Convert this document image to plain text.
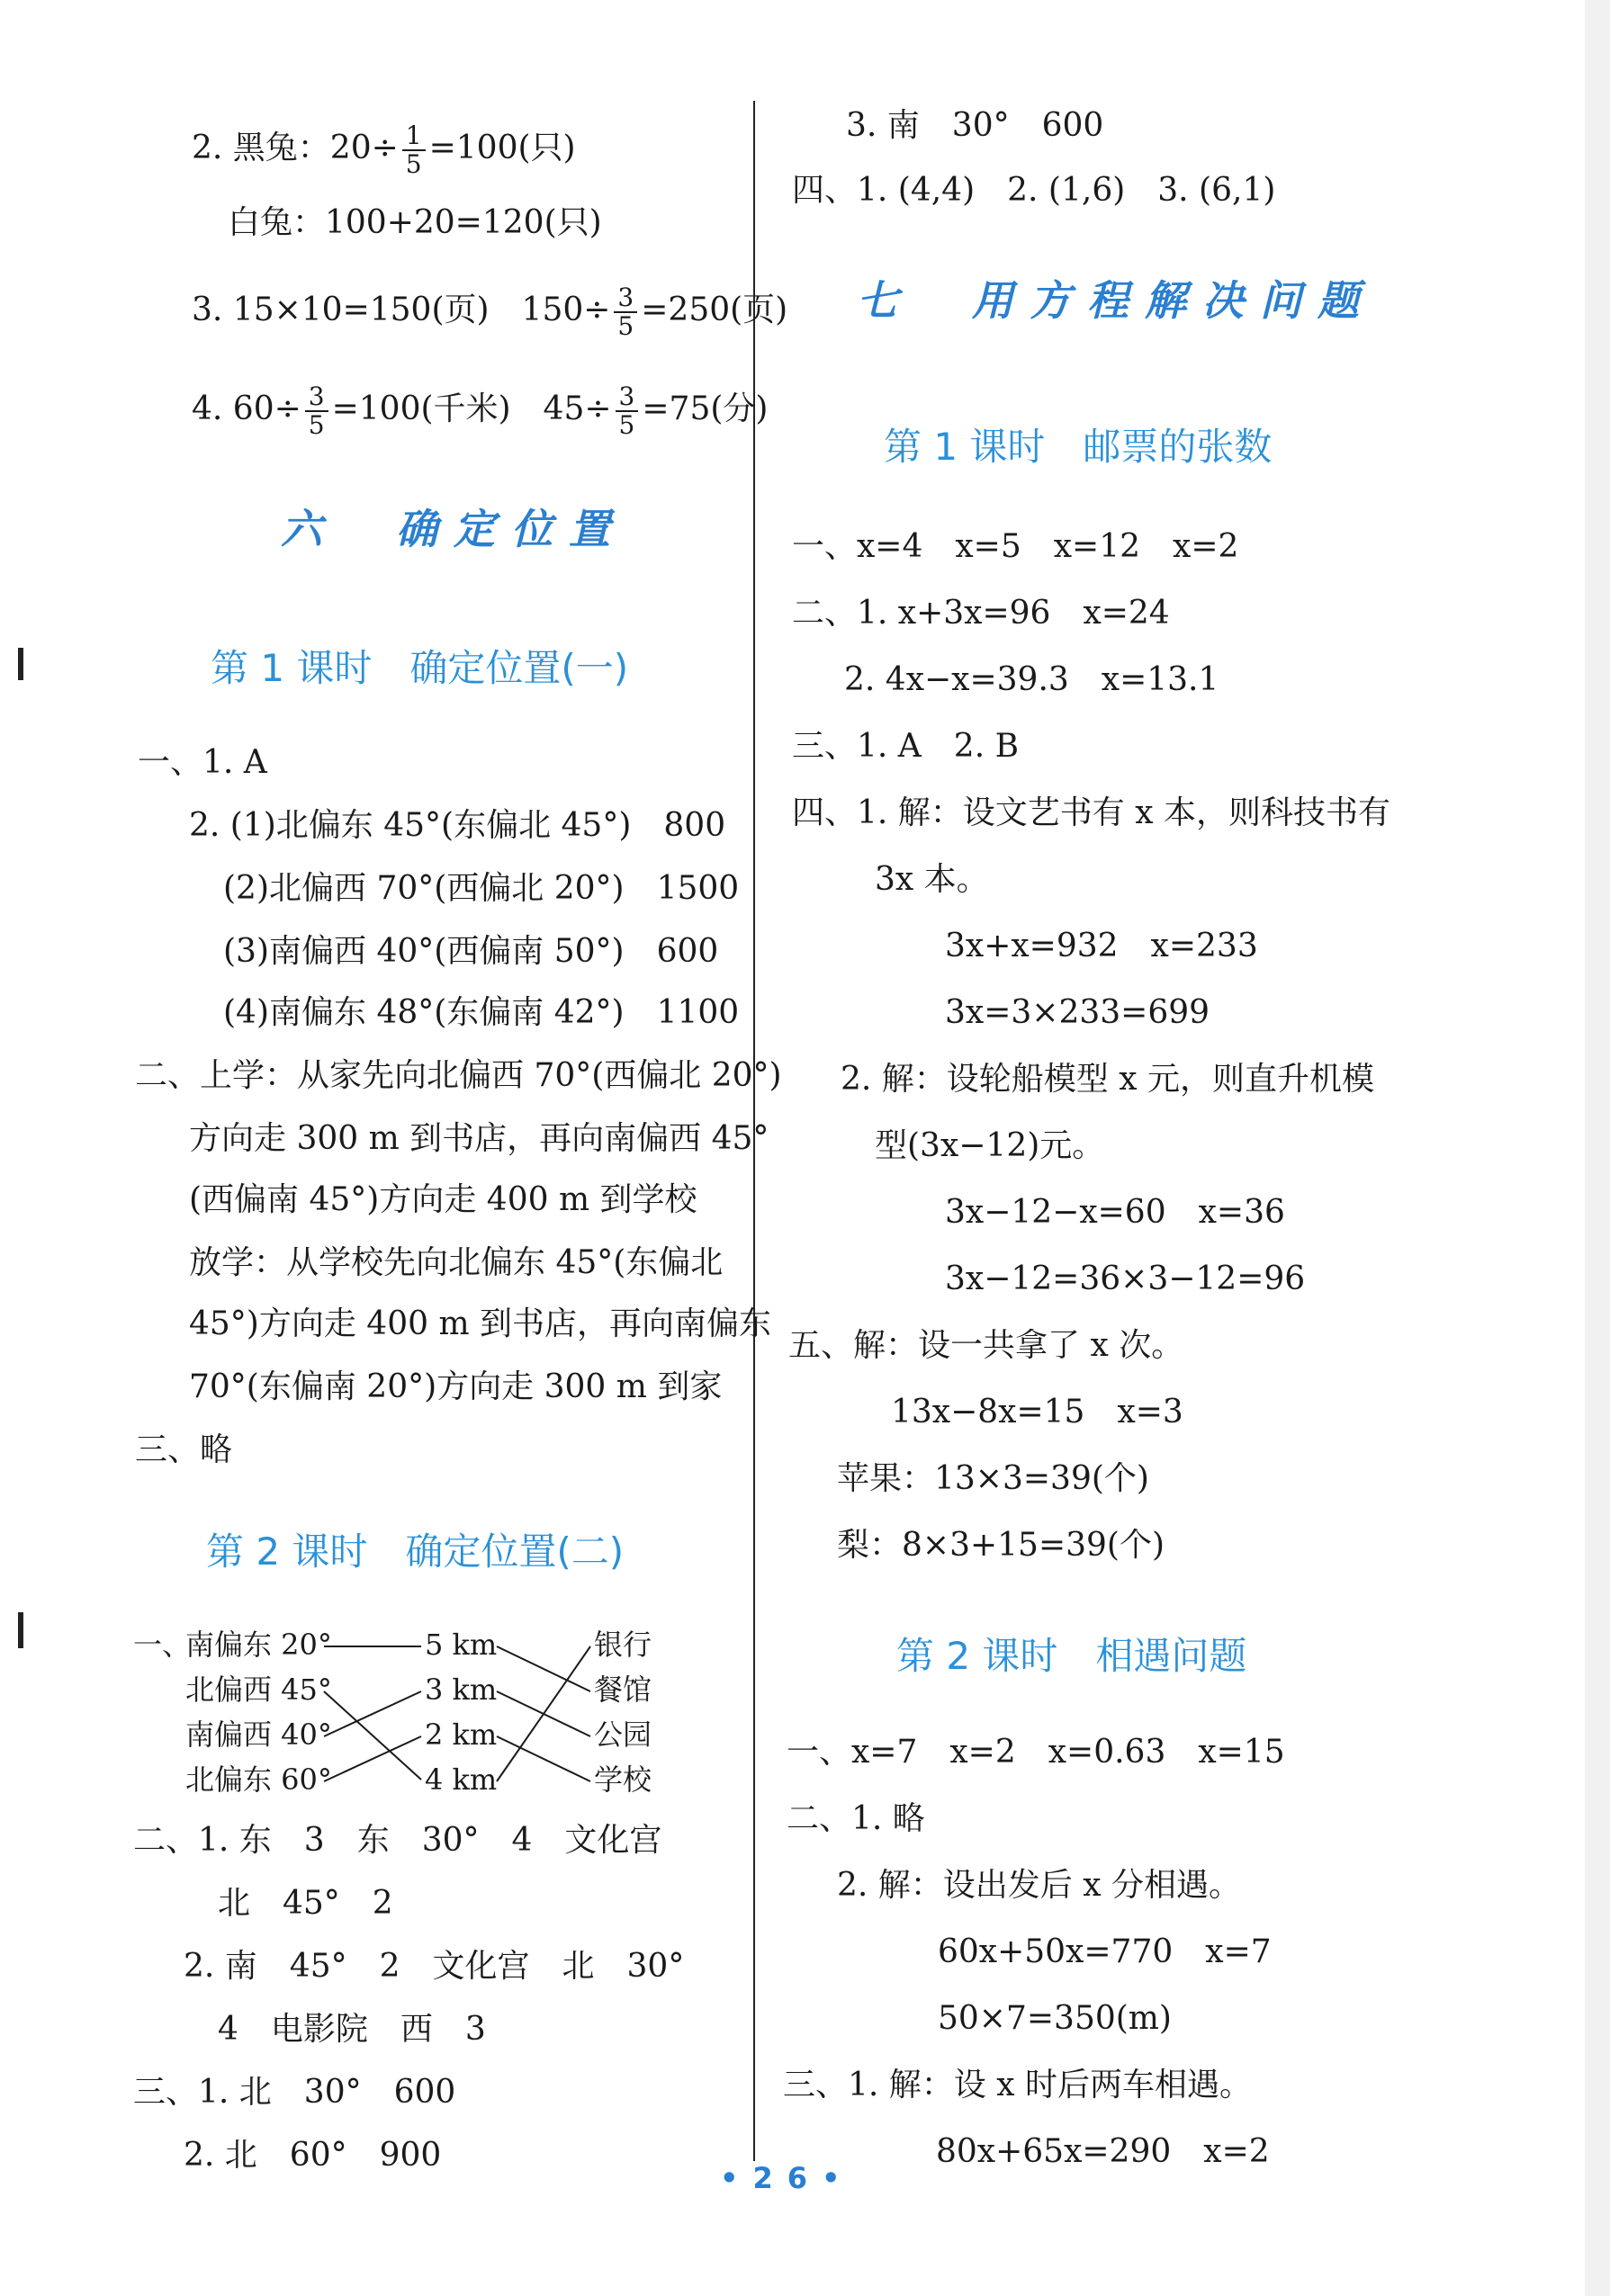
2. 黑兔：$20\div \frac{1}{5} =100$(只)
白兔：100+20=120(只)
3. 15×10=150(页)　$150\div \frac{3}{5} =250$(页)
4. $60\div \frac{3}{5} =100$(千米)　$45\div \frac{3}{5} =75$(分)
六　确定位置
第 1 课时　确定位置(一)
一、1. A
2. (1)北偏东 45°(东偏北 45°)　800
(2)北偏西 70°(西偏北 20°)　1500
(3)南偏西 40°(西偏南 50°)　600
(4)南偏东 48°(东偏南 42°)　1100
二、上学：从家先向北偏西 70°(西偏北 20°)
方向走 300 m 到书店，再向南偏西 45°
(西偏南 45°)方向走 400 m 到学校
放学：从学校先向北偏东 45°(东偏北
45°)方向走 400 m 到书店，再向南偏东
70°(东偏南 20°)方向走 300 m 到家
三、略
第 2 课时　确定位置(二)
一、
南偏东 20°
北偏西 45°
南偏西 40°
北偏东 60°
5 km
3 km
2 km
4 km
银行
餐馆
公园
学校
二、1. 东　3　东　30°　4　文化宫
北　45°　2
2. 南　45°　2　文化宫　北　30°
4　电影院　西　3
三、1. 北　30°　600
2. 北　60°　900
3. 南　30°　600
四、1. (4,4)　2. (1,6)　3. (6,1)
七　用方程解决问题
第 1 课时　邮票的张数
一、x=4　x=5　x=12　x=2
二、1. x+3x=96　x=24
2. 4x−x=39.3　x=13.1
三、1. A　2. B
四、1. 解：设文艺书有 x 本，则科技书有
3x 本。
3x+x=932　x=233
3x=3×233=699
2. 解：设轮船模型 x 元，则直升机模
型(3x−12)元。
3x−12−x=60　x=36
3x−12=36×3−12=96
五、解：设一共拿了 x 次。
13x−8x=15　x=3
苹果：13×3=39(个)
梨：8×3+15=39(个)
第 2 课时　相遇问题
一、x=7　x=2　x=0.63　x=15
二、1. 略
2. 解：设出发后 x 分相遇。
60x+50x=770　x=7
50×7=350(m)
三、1. 解：设 x 时后两车相遇。
80x+65x=290　x=2
•26•
